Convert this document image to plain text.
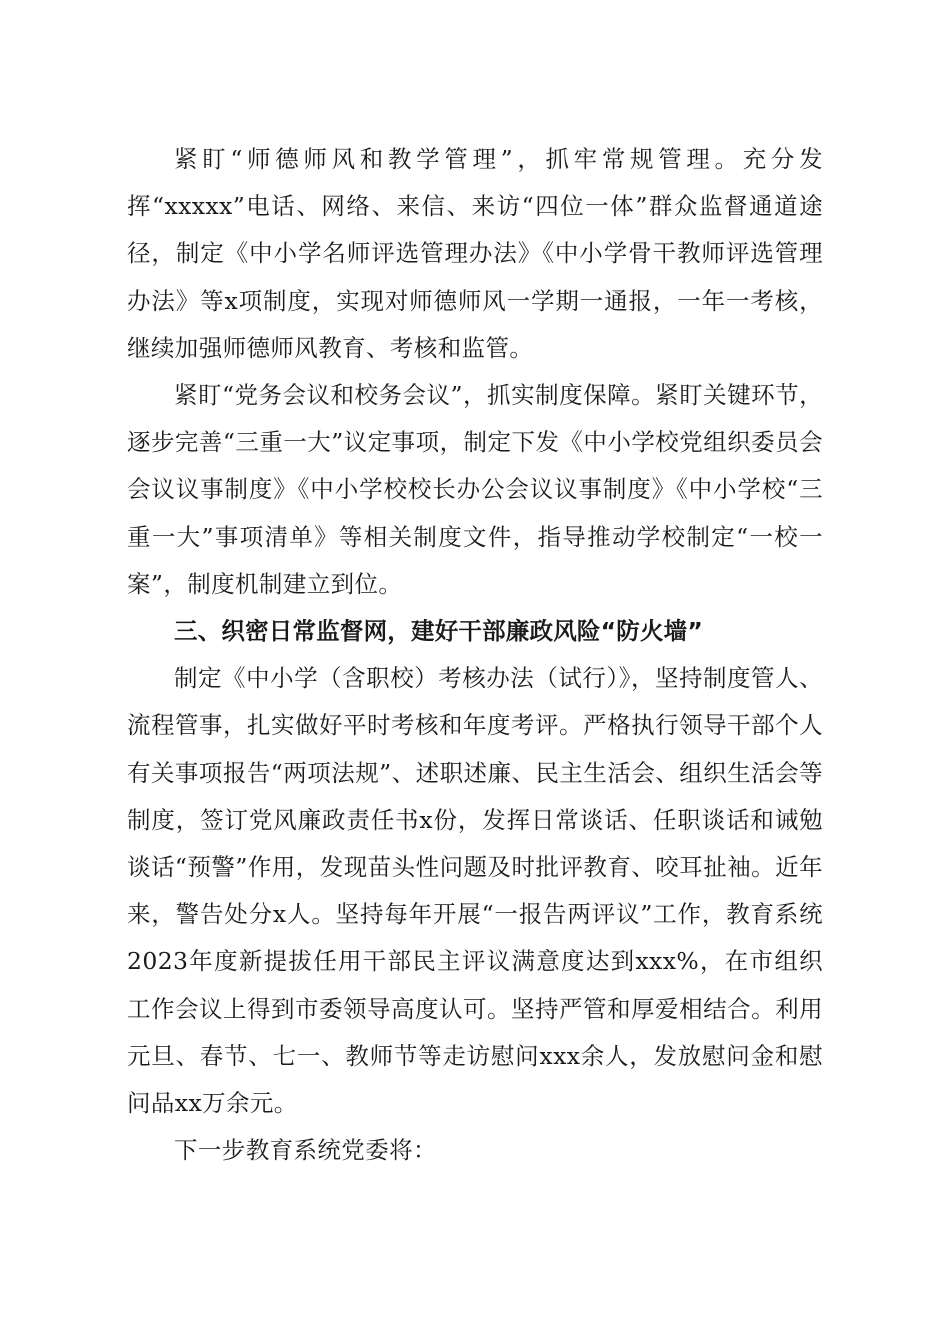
紧盯“师德师风和教学管理”，抓牢常规管理。充分发挥“xxxxx”电话、网络、来信、来访“四位一体”群众监督通道途径，制定《中小学名师评选管理办法》《中小学骨干教师评选管理办法》等x项制度，实现对师德师风一学期一通报，一年一考核，继续加强师德师风教育、考核和监管。

紧盯“党务会议和校务会议”，抓实制度保障。紧盯关键环节，逐步完善“三重一大”议定事项，制定下发《中小学校党组织委员会会议议事制度》《中小学校校长办公会议议事制度》《中小学校“三重一大”事项清单》等相关制度文件，指导推动学校制定“一校一案”，制度机制建立到位。

三、织密日常监督网，建好干部廉政风险“防火墙”

制定《中小学（含职校）考核办法（试行）》，坚持制度管人、流程管事，扎实做好平时考核和年度考评。严格执行领导干部个人有关事项报告“两项法规”、述职述廉、民主生活会、组织生活会等制度，签订党风廉政责任书x份，发挥日常谈话、任职谈话和诫勉谈话“预警”作用，发现苗头性问题及时批评教育、咬耳扯袖。近年来，警告处分x人。坚持每年开展“一报告两评议”工作，教育系统2023年度新提拔任用干部民主评议满意度达到xxx%，在市组织工作会议上得到市委领导高度认可。坚持严管和厚爱相结合。利用元旦、春节、七一、教师节等走访慰问xxx余人，发放慰问金和慰问品xx万余元。

下一步教育系统党委将：
